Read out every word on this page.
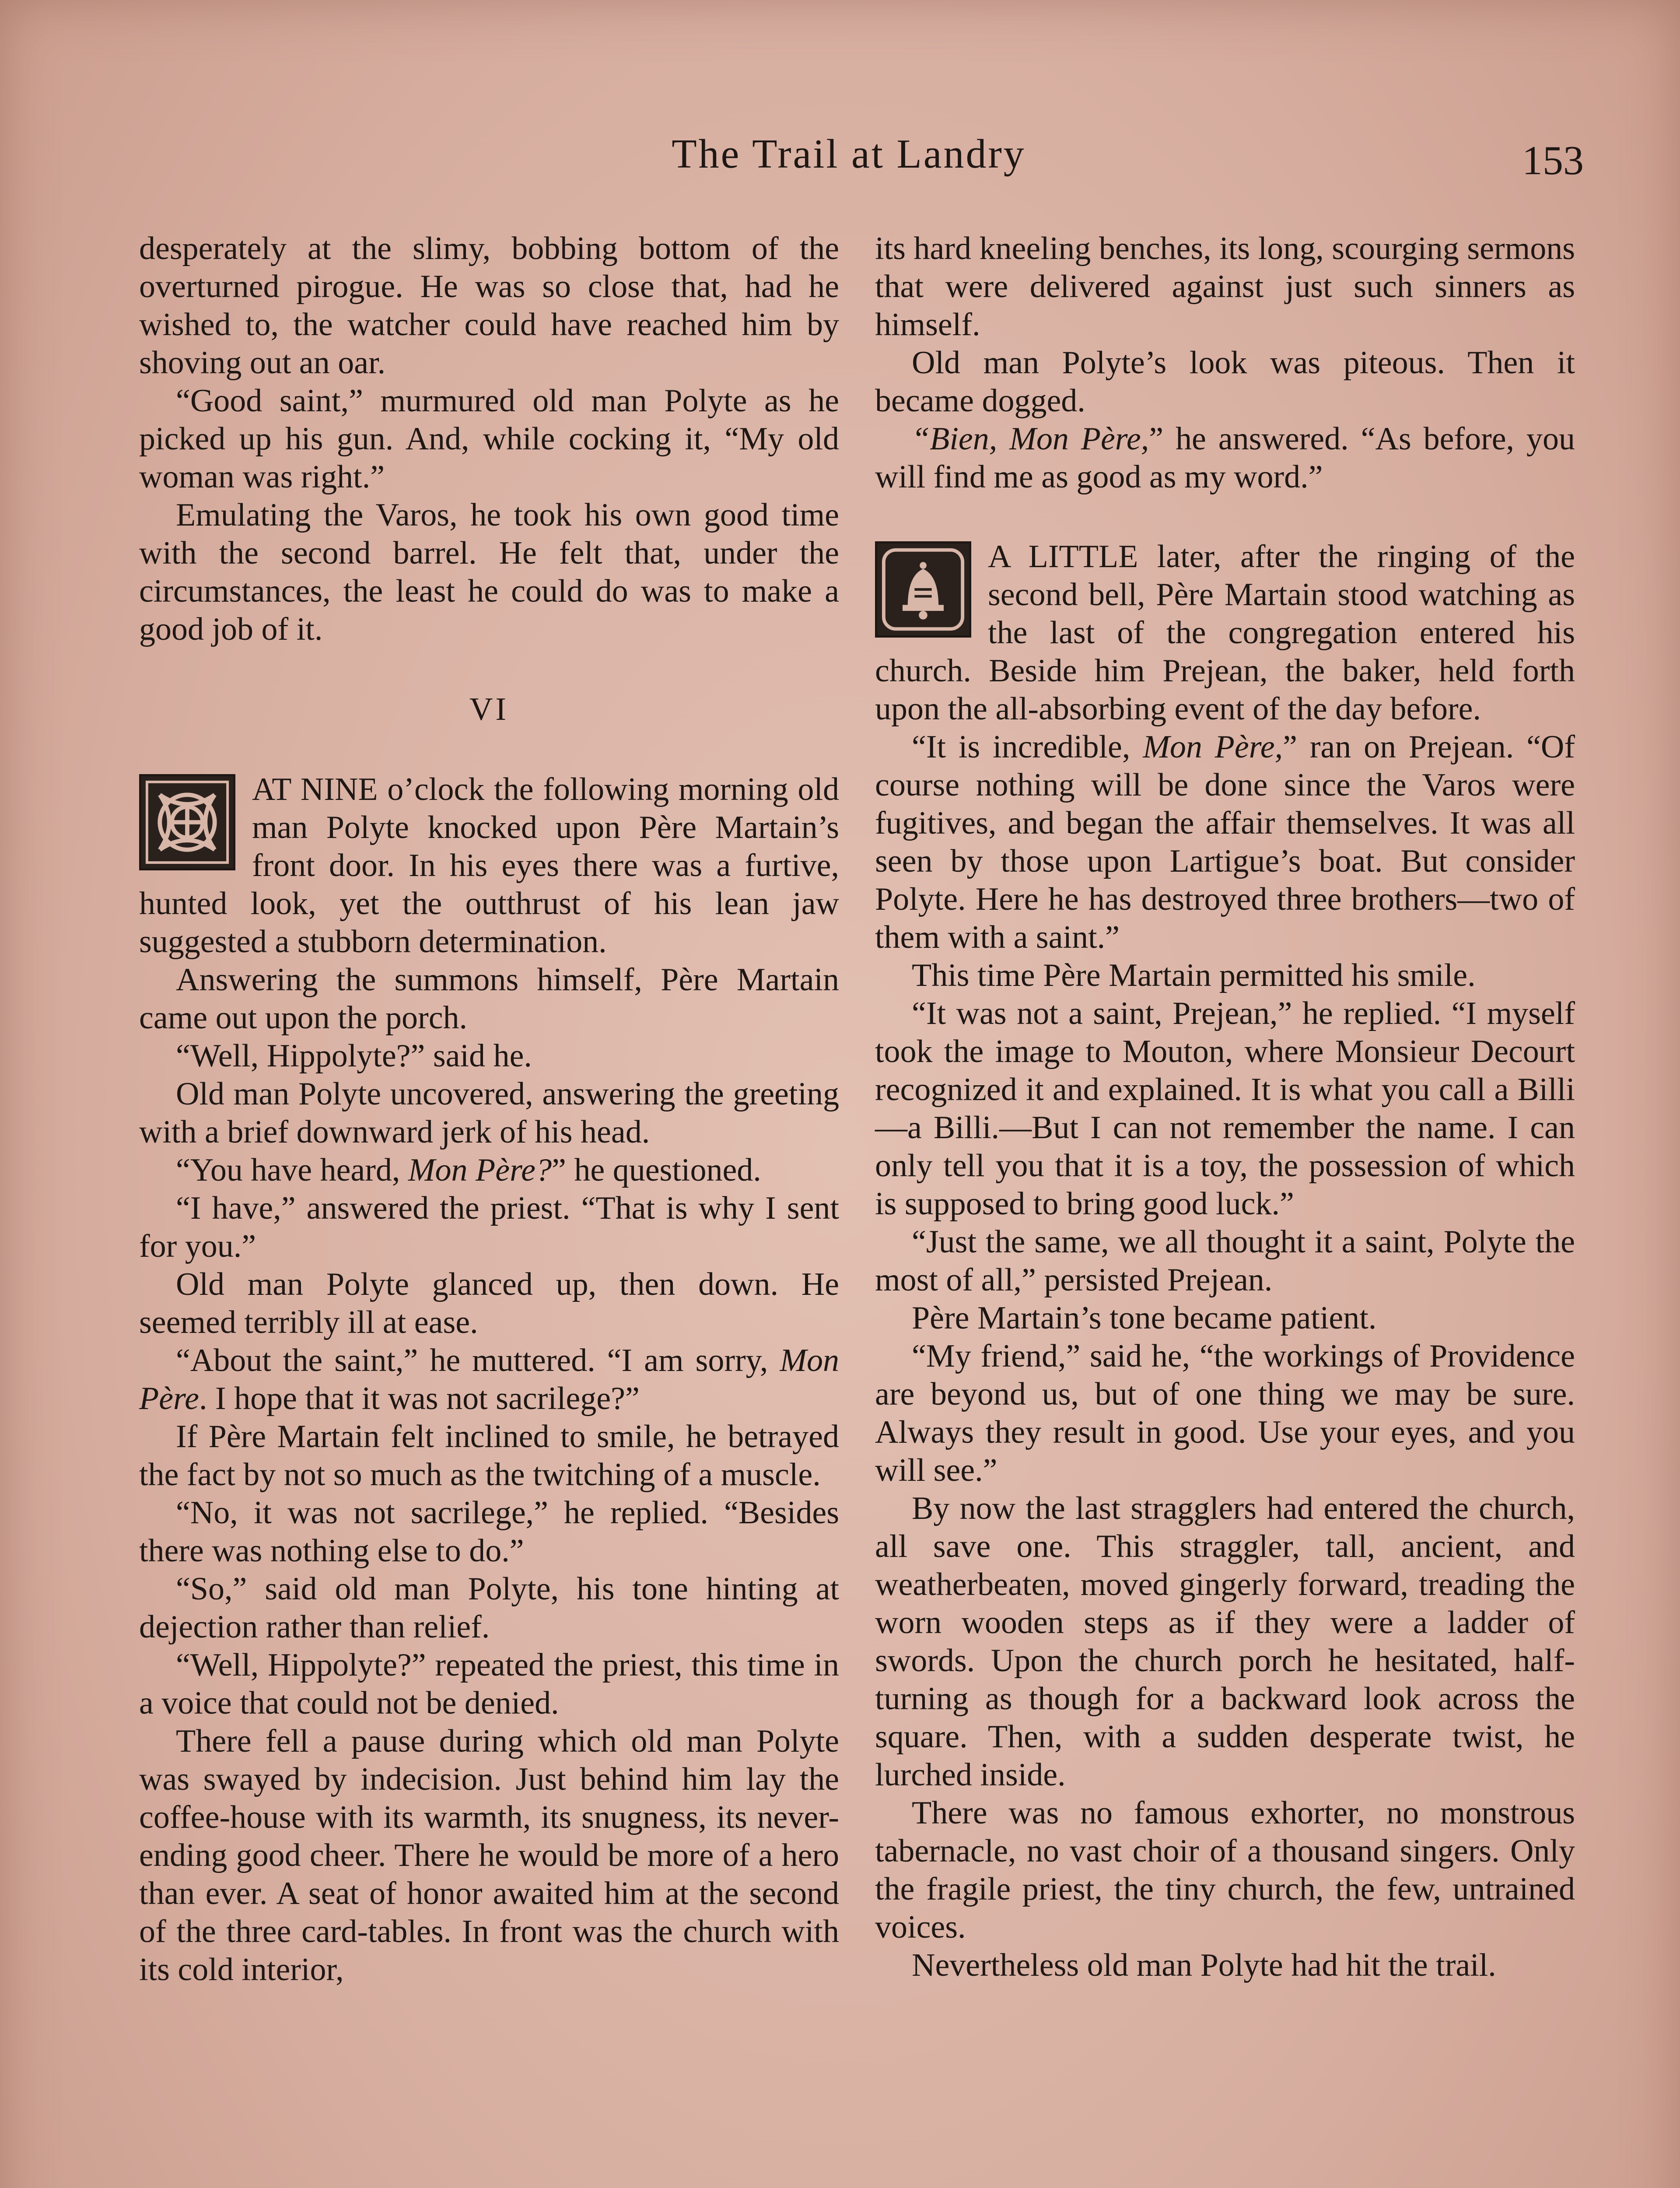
The Trail at Landry	153

desperately at the slimy, bobbing bottom of the overturned pirogue. He was so close that, had he wished to, the watcher could have reached him by shoving out an oar.

“Good saint,” murmured old man Polyte as he picked up his gun. And, while cocking it, “My old woman was right.”

Emulating the Varos, he took his own good time with the second barrel. He felt that, under the circumstances, the least he could do was to make a good job of it.

VI

AT NINE o’clock the following morning old man Polyte knocked upon Père Martain’s front door. In his eyes there was a furtive, hunted look, yet the outthrust of his lean jaw suggested a stubborn determination.

Answering the summons himself, Père Martain came out upon the porch.

“Well, Hippolyte?” said he.

Old man Polyte uncovered, answering the greeting with a brief downward jerk of his head.

“You have heard, Mon Père?” he questioned.

“I have,” answered the priest. “That is why I sent for you.”

Old man Polyte glanced up, then down. He seemed terribly ill at ease.

“About the saint,” he muttered. “I am sorry, Mon Père. I hope that it was not sacrilege?”

If Père Martain felt inclined to smile, he betrayed the fact by not so much as the twitching of a muscle.

“No, it was not sacrilege,” he replied. “Besides there was nothing else to do.”

“So,” said old man Polyte, his tone hinting at dejection rather than relief.

“Well, Hippolyte?” repeated the priest, this time in a voice that could not be denied.

There fell a pause during which old man Polyte was swayed by indecision. Just behind him lay the coffee-house with its warmth, its snugness, its never-ending good cheer. There he would be more of a hero than ever. A seat of honor awaited him at the second of the three card-tables. In front was the church with its cold interior,

its hard kneeling benches, its long, scourging sermons that were delivered against just such sinners as himself.

Old man Polyte’s look was piteous. Then it became dogged.

“Bien, Mon Père,” he answered. “As before, you will find me as good as my word.”

A LITTLE later, after the ringing of the second bell, Père Martain stood watching as the last of the congregation entered his church. Beside him Prejean, the baker, held forth upon the all-absorbing event of the day before.

“It is incredible, Mon Père,” ran on Prejean. “Of course nothing will be done since the Varos were fugitives, and began the affair themselves. It was all seen by those upon Lartigue’s boat. But consider Polyte. Here he has destroyed three brothers—two of them with a saint.”

This time Père Martain permitted his smile.

“It was not a saint, Prejean,” he replied. “I myself took the image to Mouton, where Monsieur Decourt recognized it and explained. It is what you call a Billi—a Billi.—But I can not remember the name. I can only tell you that it is a toy, the possession of which is supposed to bring good luck.”

“Just the same, we all thought it a saint, Polyte the most of all,” persisted Prejean.

Père Martain’s tone became patient.

“My friend,” said he, “the workings of Providence are beyond us, but of one thing we may be sure. Always they result in good. Use your eyes, and you will see.”

By now the last stragglers had entered the church, all save one. This straggler, tall, ancient, and weatherbeaten, moved gingerly forward, treading the worn wooden steps as if they were a ladder of swords. Upon the church porch he hesitated, half-turning as though for a backward look across the square. Then, with a sudden desperate twist, he lurched inside.

There was no famous exhorter, no monstrous tabernacle, no vast choir of a thousand singers. Only the fragile priest, the tiny church, the few, untrained voices.

Nevertheless old man Polyte had hit the trail.
